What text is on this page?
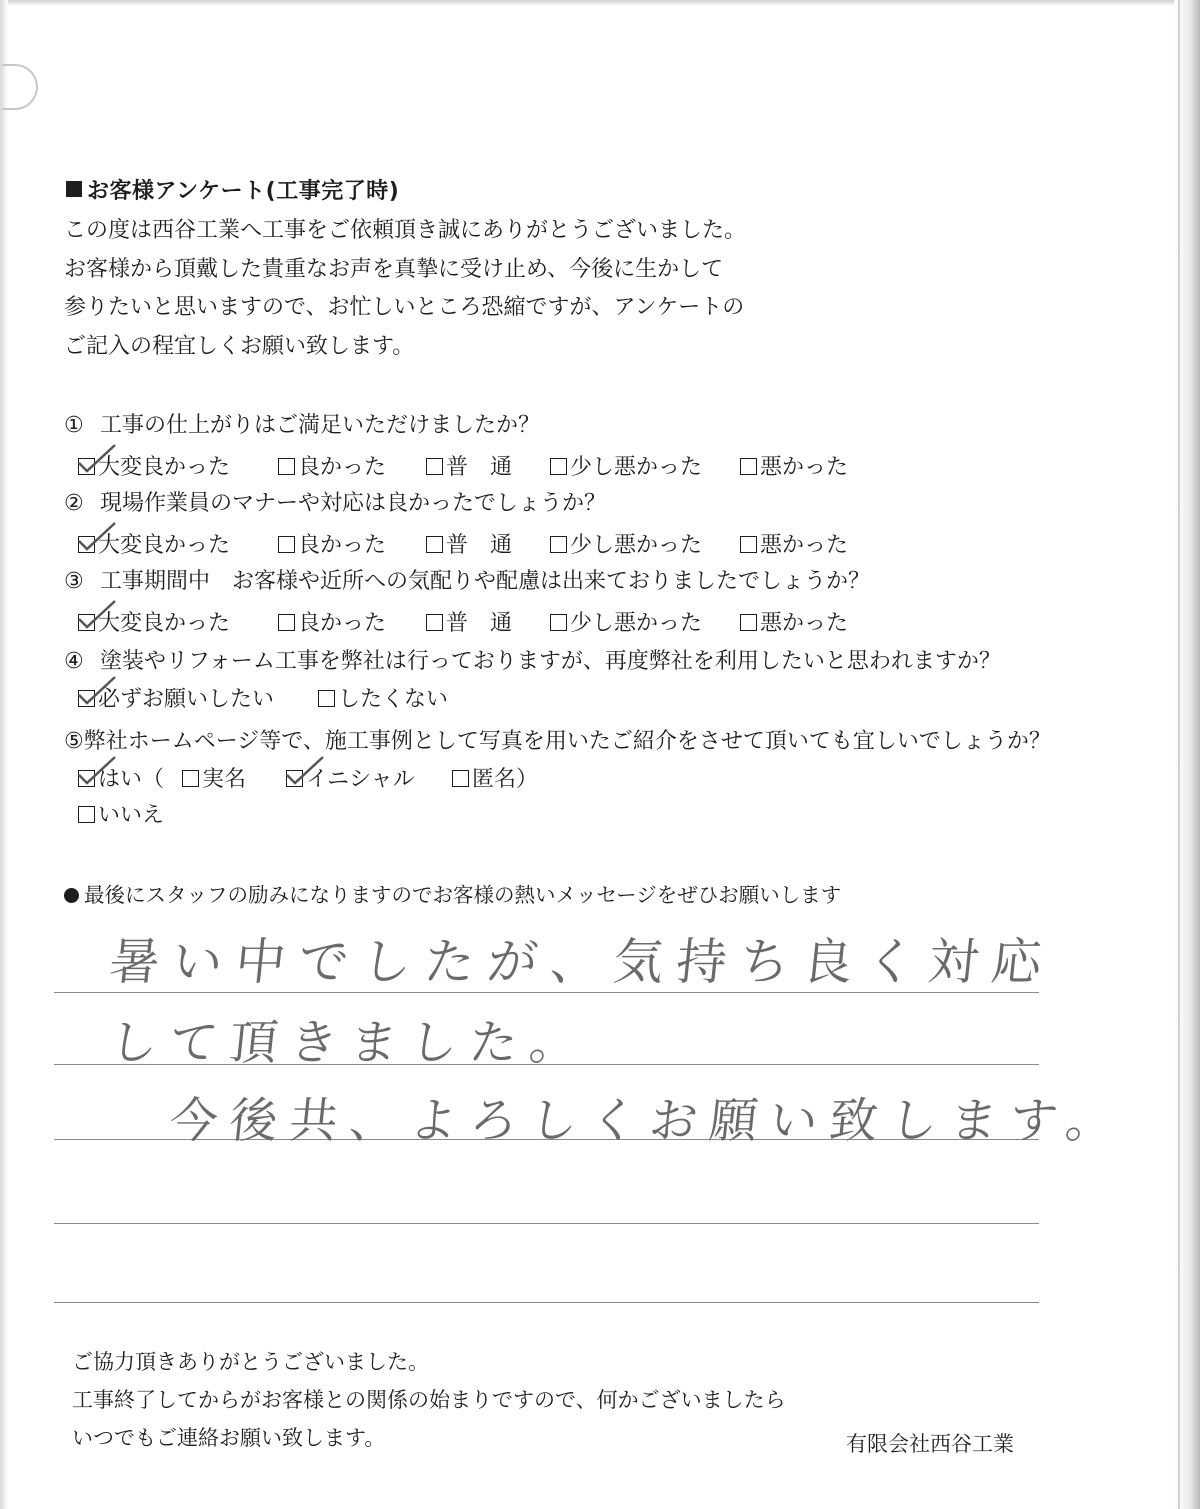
お客様アンケート(工事完了時)
この度は西谷工業へ工事をご依頼頂き誠にありがとうございました。
お客様から頂戴した貴重なお声を真摯に受け止め、今後に生かして
参りたいと思いますので、お忙しいところ恐縮ですが、アンケートの
ご記入の程宜しくお願い致します。
① 工事の仕上がりはご満足いただけましたか？
大変良かった	良かった	普　通	少し悪かった	悪かった
② 現場作業員のマナーや対応は良かったでしょうか？
大変良かった	良かった	普　通	少し悪かった	悪かった
③ 工事期間中　お客様や近所への気配りや配慮は出来ておりましたでしょうか？
大変良かった	良かった	普　通	少し悪かった	悪かった
④ 塗装やリフォーム工事を弊社は行っておりますが、再度弊社を利用したいと思われますか？
必ずお願いしたい	したくない
⑤弊社ホームページ等で、施工事例として写真を用いたご紹介をさせて頂いても宜しいでしょうか？
はい（	実名	イニシャル	匿名）
いいえ
最後にスタッフの励みになりますのでお客様の熱いメッセージをぜひお願いします
暑い中でしたが、気持ち良く対応
して頂きました。
今後共、よろしくお願い致します。
ご協力頂きありがとうございました。
工事終了してからがお客様との関係の始まりですので、何かございましたら
いつでもご連絡お願い致します。	有限会社西谷工業
